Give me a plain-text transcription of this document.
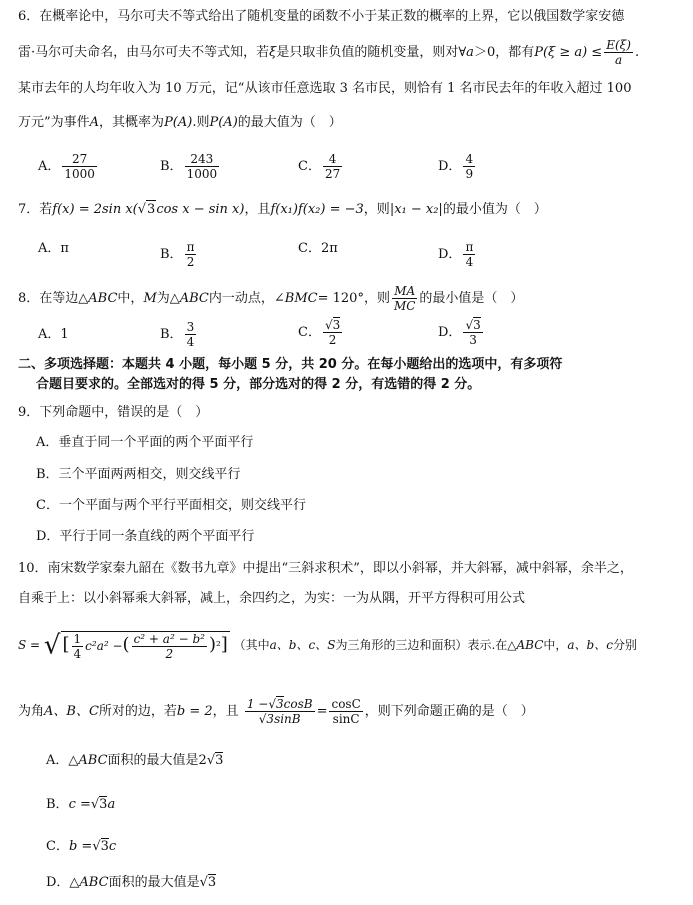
6．在概率论中，马尔可夫不等式给出了随机变量的函数不小于某正数的概率的上界，它以俄国数学家安德
雷·马尔可夫命名，由马尔可夫不等式知，若ξ是只取非负值的随机变量，则对∀a＞0，都有$P(\xi \ge a) \le \frac{E(\xi)}{a}$ .
某市去年的人均年收入为 10 万元，记“从该市任意选取 3 名市民，则恰有 1 名市民去年的年收入超过 100
万元”为事件A，其概率为P(A).则P(A)的最大值为（　）
A． $\frac{27}{1000}$	B． $\frac{243}{1000}$	C． $\frac{4}{27}$	D． $\frac{4}{9}$
7．若f(x) = 2sin x(√3cos x − sin x)，且f(x₁)f(x₂) = −3，则|x₁ − x₂|的最小值为（　）
A．π	B． $\frac{\pi}{2}$	C．2π	D． $\frac{\pi}{4}$
8．在等边△ABC中，M为△ABC内一动点，∠BMC= 120°，则 $\frac{MA}{MC}$ 的最小值是（　）
A．1	B． $\frac{3}{4}$	C． $\frac{√3}{2}$	D． $\frac{√3}{3}$
二、多项选择题：本题共 4 小题，每小题 5 分，共 20 分。在每小题给出的选项中，有多项符
合题目要求的。全部选对的得 5 分，部分选对的得 2 分，有选错的得 2 分。
9．下列命题中，错误的是（　）
A．垂直于同一个平面的两个平面平行
B．三个平面两两相交，则交线平行
C．一个平面与两个平行平面相交，则交线平行
D．平行于同一条直线的两个平面平行
10．南宋数学家秦九韶在《数书九章》中提出“三斜求积术”，即以小斜幂，并大斜幂，减中斜幂，余半之，
自乘于上：以小斜幂乘大斜幂，减上，余四约之，为实：一为从隅，开平方得积可用公式
S = √ [ $\frac{1}{4} c^2a^2$ −( $\frac{\text{c² + a² − b²}}{2} )^2$] （其中a、b、c、S为三角形的三边和面积）表示.在△ABC中，a、b、c分别
为角A、B、C所对的边，若b = 2，且 $\frac{1 -√3\cos B}{√3\sin B} = \frac{\cos C}{\sin C}$ ，则下列命题正确的是（　）
A．△ABC面积的最大值是2√3
B．c =√3a
C．b =√3c
D．△ABC面积的最大值是√3
